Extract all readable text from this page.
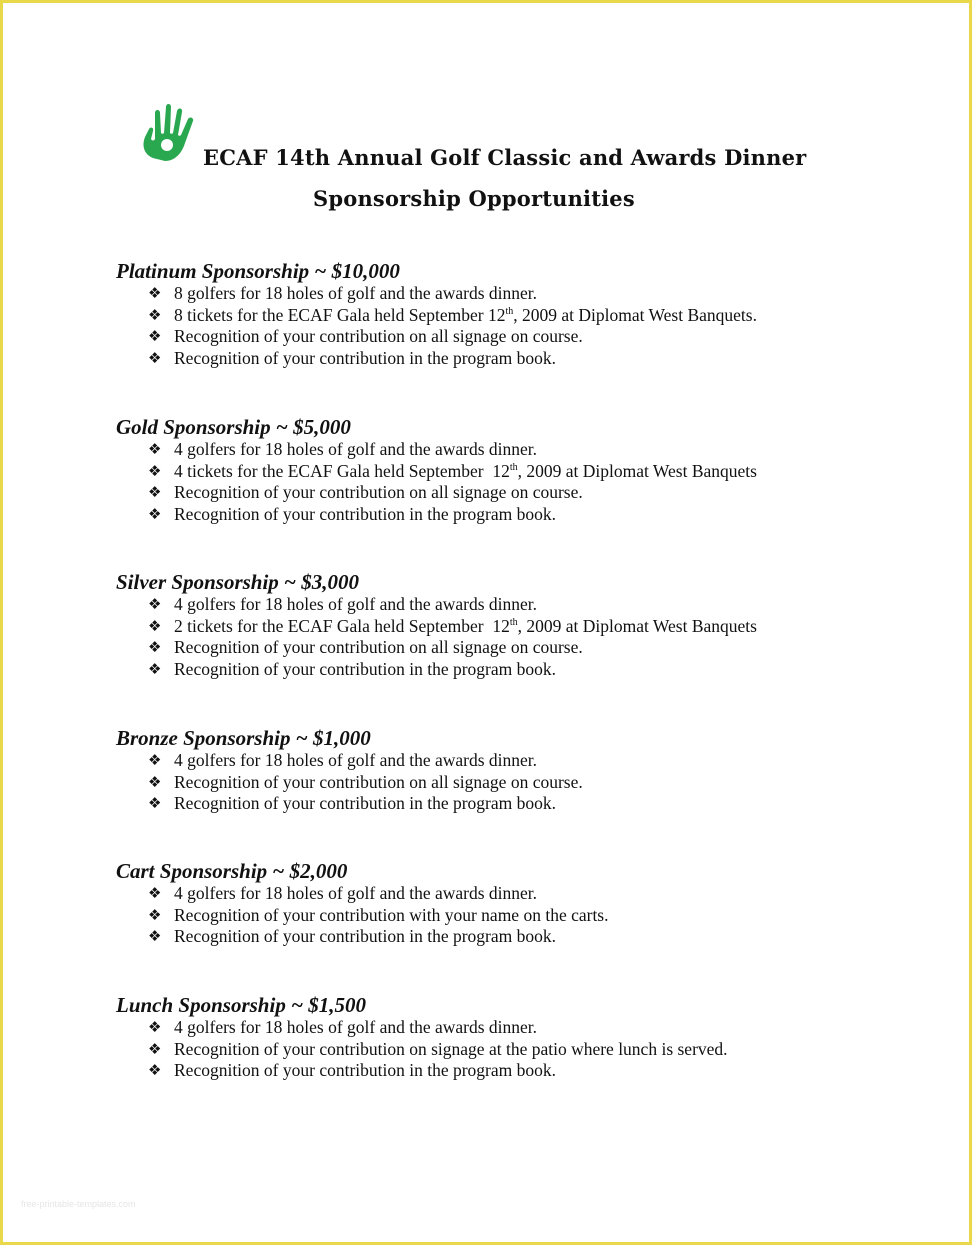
ECAF 14th Annual Golf Classic and Awards Dinner
Sponsorship Opportunities
Platinum Sponsorship ~ $10,000
❖ 8 golfers for 18 holes of golf and the awards dinner.
❖ 8 tickets for the ECAF Gala held September 12th, 2009 at Diplomat West Banquets.
❖ Recognition of your contribution on all signage on course.
❖ Recognition of your contribution in the program book.
Gold Sponsorship ~ $5,000
❖ 4 golfers for 18 holes of golf and the awards dinner.
❖ 4 tickets for the ECAF Gala held September  12th, 2009 at Diplomat West Banquets
❖ Recognition of your contribution on all signage on course.
❖ Recognition of your contribution in the program book.
Silver Sponsorship ~ $3,000
❖ 4 golfers for 18 holes of golf and the awards dinner.
❖ 2 tickets for the ECAF Gala held September  12th, 2009 at Diplomat West Banquets
❖ Recognition of your contribution on all signage on course.
❖ Recognition of your contribution in the program book.
Bronze Sponsorship ~ $1,000
❖ 4 golfers for 18 holes of golf and the awards dinner.
❖ Recognition of your contribution on all signage on course.
❖ Recognition of your contribution in the program book.
Cart Sponsorship ~ $2,000
❖ 4 golfers for 18 holes of golf and the awards dinner.
❖ Recognition of your contribution with your name on the carts.
❖ Recognition of your contribution in the program book.
Lunch Sponsorship ~ $1,500
❖ 4 golfers for 18 holes of golf and the awards dinner.
❖ Recognition of your contribution on signage at the patio where lunch is served.
❖ Recognition of your contribution in the program book.
free-printable-templates.com
